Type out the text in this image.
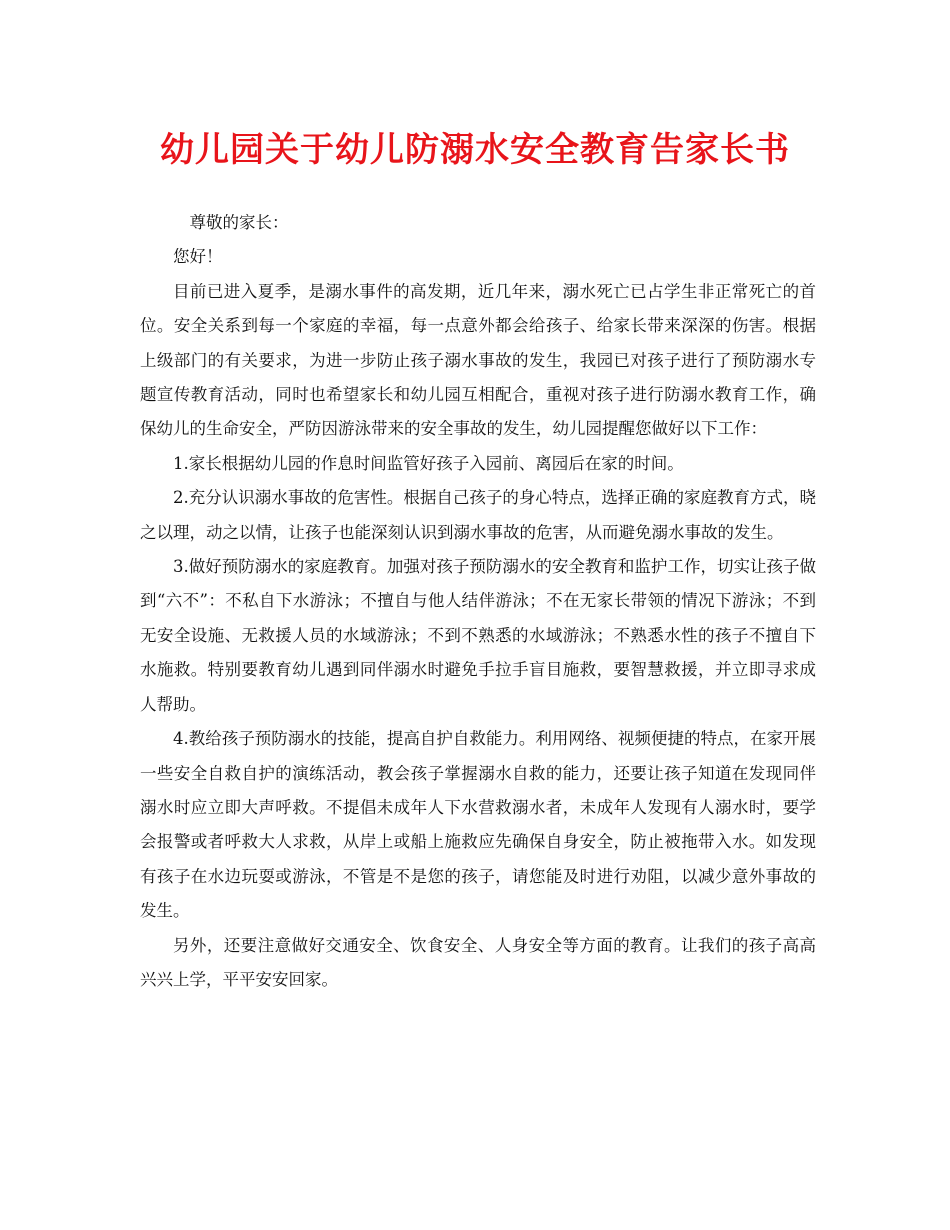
幼儿园关于幼儿防溺水安全教育告家长书

尊敬的家长：

您好！

目前已进入夏季，是溺水事件的高发期，近几年来，溺水死亡已占学生非正常死亡的首位。安全关系到每一个家庭的幸福，每一点意外都会给孩子、给家长带来深深的伤害。根据上级部门的有关要求，为进一步防止孩子溺水事故的发生，我园已对孩子进行了预防溺水专题宣传教育活动，同时也希望家长和幼儿园互相配合，重视对孩子进行防溺水教育工作，确保幼儿的生命安全，严防因游泳带来的安全事故的发生，幼儿园提醒您做好以下工作：

1.家长根据幼儿园的作息时间监管好孩子入园前、离园后在家的时间。

2.充分认识溺水事故的危害性。根据自己孩子的身心特点，选择正确的家庭教育方式，晓之以理，动之以情，让孩子也能深刻认识到溺水事故的危害，从而避免溺水事故的发生。

3.做好预防溺水的家庭教育。加强对孩子预防溺水的安全教育和监护工作，切实让孩子做到“六不”：不私自下水游泳；不擅自与他人结伴游泳；不在无家长带领的情况下游泳；不到无安全设施、无救援人员的水域游泳；不到不熟悉的水域游泳；不熟悉水性的孩子不擅自下水施救。特别要教育幼儿遇到同伴溺水时避免手拉手盲目施救，要智慧救援，并立即寻求成人帮助。

4.教给孩子预防溺水的技能，提高自护自救能力。利用网络、视频便捷的特点，在家开展一些安全自救自护的演练活动，教会孩子掌握溺水自救的能力，还要让孩子知道在发现同伴溺水时应立即大声呼救。不提倡未成年人下水营救溺水者，未成年人发现有人溺水时，要学会报警或者呼救大人求救，从岸上或船上施救应先确保自身安全，防止被拖带入水。如发现有孩子在水边玩耍或游泳，不管是不是您的孩子，请您能及时进行劝阻，以减少意外事故的发生。

另外，还要注意做好交通安全、饮食安全、人身安全等方面的教育。让我们的孩子高高兴兴上学，平平安安回家。
